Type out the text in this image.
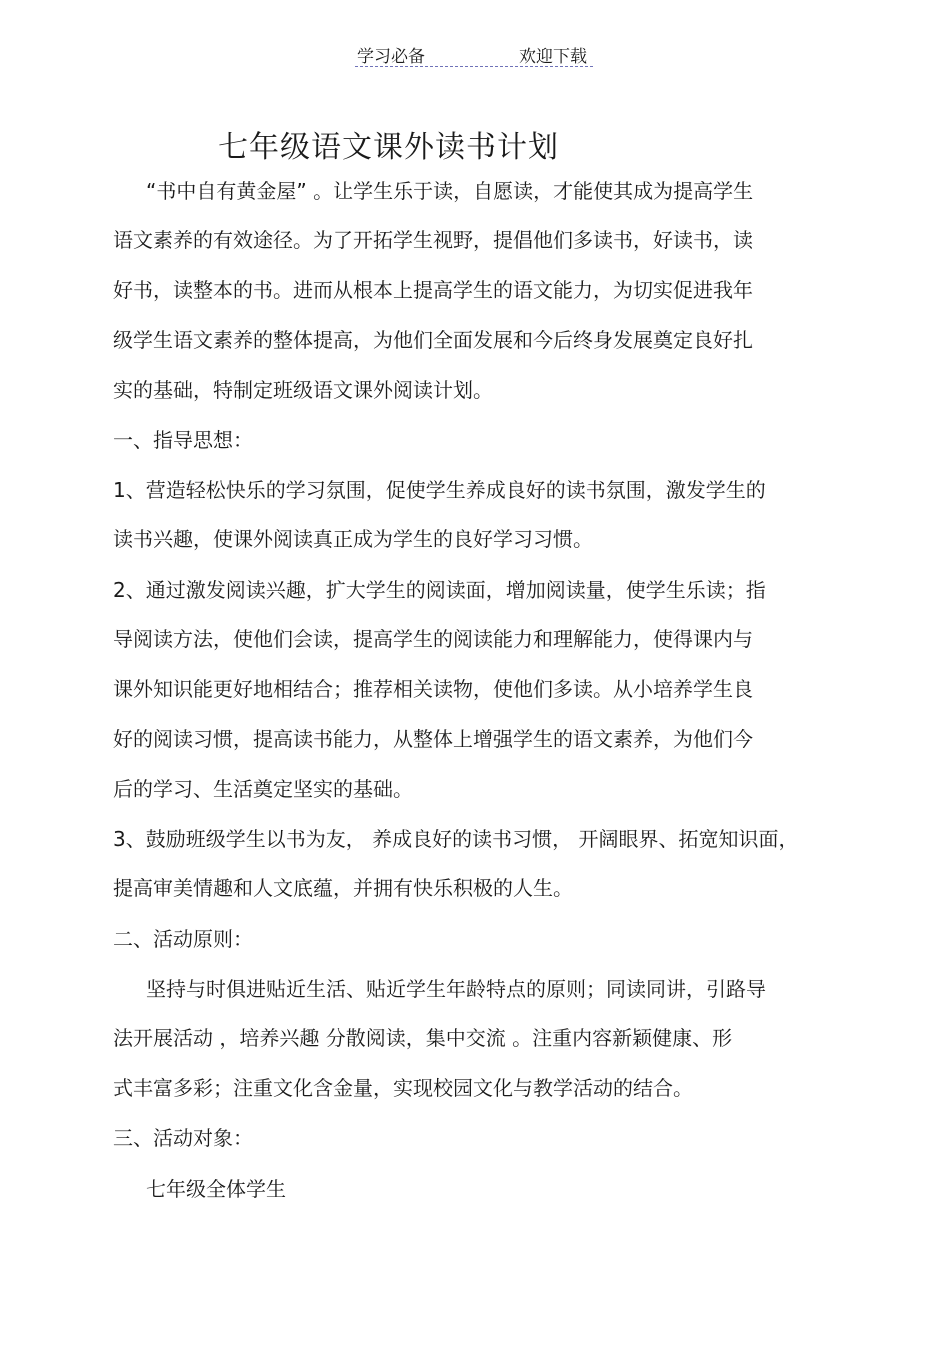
学习必备	欢迎下载
七年级语文课外读书计划
“书中自有黄金屋” 。让学生乐于读，自愿读，才能使其成为提高学生
语文素养的有效途径。为了开拓学生视野，提倡他们多读书，好读书，读
好书，读整本的书。进而从根本上提高学生的语文能力，为切实促进我年
级学生语文素养的整体提高，为他们全面发展和今后终身发展奠定良好扎
实的基础，特制定班级语文课外阅读计划。
一、指导思想：
1、营造轻松快乐的学习氛围，促使学生养成良好的读书氛围，激发学生的
读书兴趣，使课外阅读真正成为学生的良好学习习惯。
2、通过激发阅读兴趣，扩大学生的阅读面，增加阅读量，使学生乐读；指
导阅读方法，使他们会读，提高学生的阅读能力和理解能力，使得课内与
课外知识能更好地相结合；推荐相关读物，使他们多读。从小培养学生良
好的阅读习惯，提高读书能力，从整体上增强学生的语文素养，为他们今
后的学习、生活奠定坚实的基础。
3、鼓励班级学生以书为友， 养成良好的读书习惯， 开阔眼界、拓宽知识面，
提高审美情趣和人文底蕴，并拥有快乐积极的人生。
二、活动原则：
坚持与时俱进贴近生活、贴近学生年龄特点的原则；同读同讲，引路导
法开展活动 ，培养兴趣 分散阅读，集中交流 。注重内容新颖健康、形
式丰富多彩；注重文化含金量，实现校园文化与教学活动的结合。
三、活动对象：
七年级全体学生
